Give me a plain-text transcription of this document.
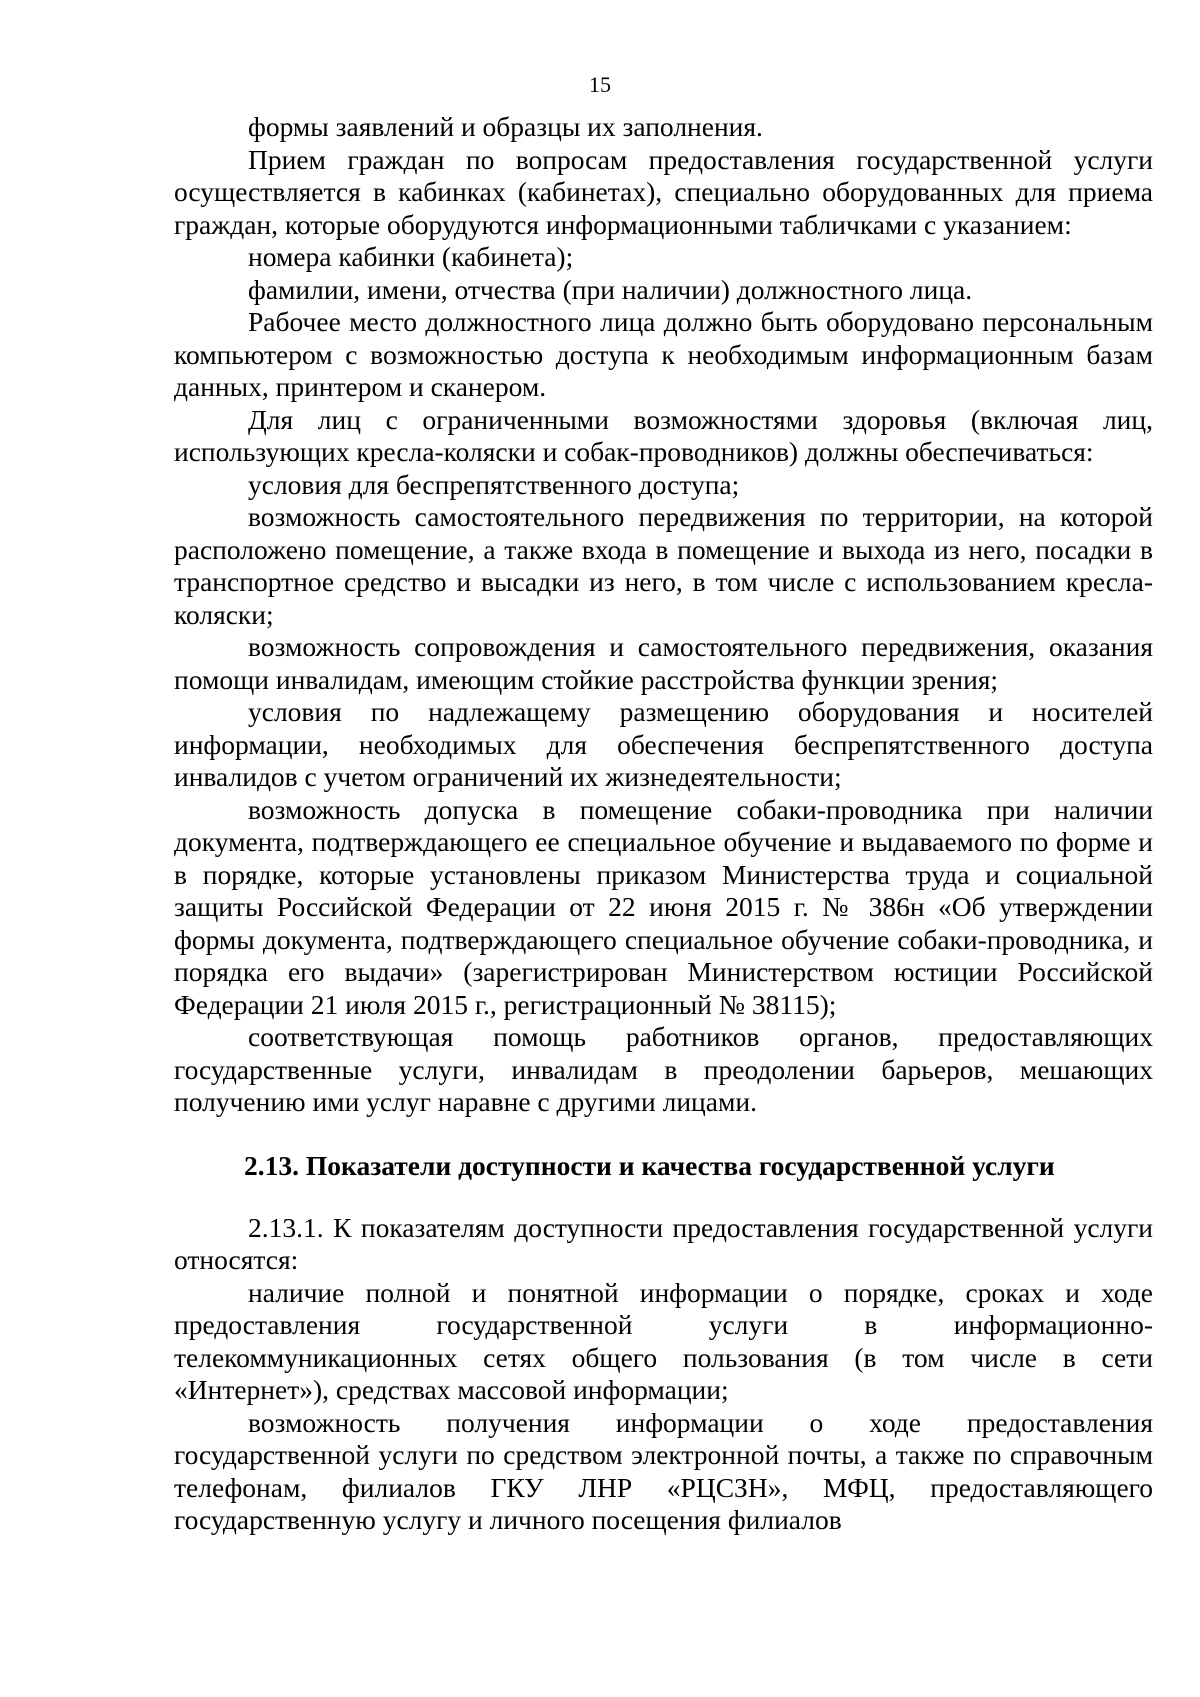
15

формы заявлений и образцы их заполнения.

Прием граждан по вопросам предоставления государственной услуги осуществляется в кабинках (кабинетах), специально оборудованных для приема граждан, которые оборудуются информационными табличками с указанием:

номера кабинки (кабинета);

фамилии, имени, отчества (при наличии) должностного лица.

Рабочее место должностного лица должно быть оборудовано персональным компьютером с возможностью доступа к необходимым информационным базам данных, принтером и сканером.

Для лиц с ограниченными возможностями здоровья (включая лиц, использующих кресла-коляски и собак-проводников) должны обеспечиваться:

условия для беспрепятственного доступа;

возможность самостоятельного передвижения по территории, на которой расположено помещение, а также входа в помещение и выхода из него, посадки в транспортное средство и высадки из него, в том числе с использованием кресла-коляски;

возможность сопровождения и самостоятельного передвижения, оказания помощи инвалидам, имеющим стойкие расстройства функции зрения;

условия по надлежащему размещению оборудования и носителей информации, необходимых для обеспечения беспрепятственного доступа инвалидов с учетом ограничений их жизнедеятельности;

возможность допуска в помещение собаки-проводника при наличии документа, подтверждающего ее специальное обучение и выдаваемого по форме и в порядке, которые установлены приказом Министерства труда и социальной защиты Российской Федерации от 22 июня 2015 г. № 386н «Об утверждении формы документа, подтверждающего специальное обучение собаки-проводника, и порядка его выдачи» (зарегистрирован Министерством юстиции Российской Федерации 21 июля 2015 г., регистрационный № 38115);

соответствующая помощь работников органов, предоставляющих государственные услуги, инвалидам в преодолении барьеров, мешающих получению ими услуг наравне с другими лицами.

2.13. Показатели доступности и качества государственной услуги

2.13.1. К показателям доступности предоставления государственной услуги относятся:

наличие полной и понятной информации о порядке, сроках и ходе предоставления государственной услуги в информационно-телекоммуникационных сетях общего пользования (в том числе в сети «Интернет»), средствах массовой информации;

возможность получения информации о ходе предоставления государственной услуги по средством электронной почты, а также по справочным телефонам, филиалов ГКУ ЛНР «РЦСЗН», МФЦ, предоставляющего государственную услугу и личного посещения филиалов
